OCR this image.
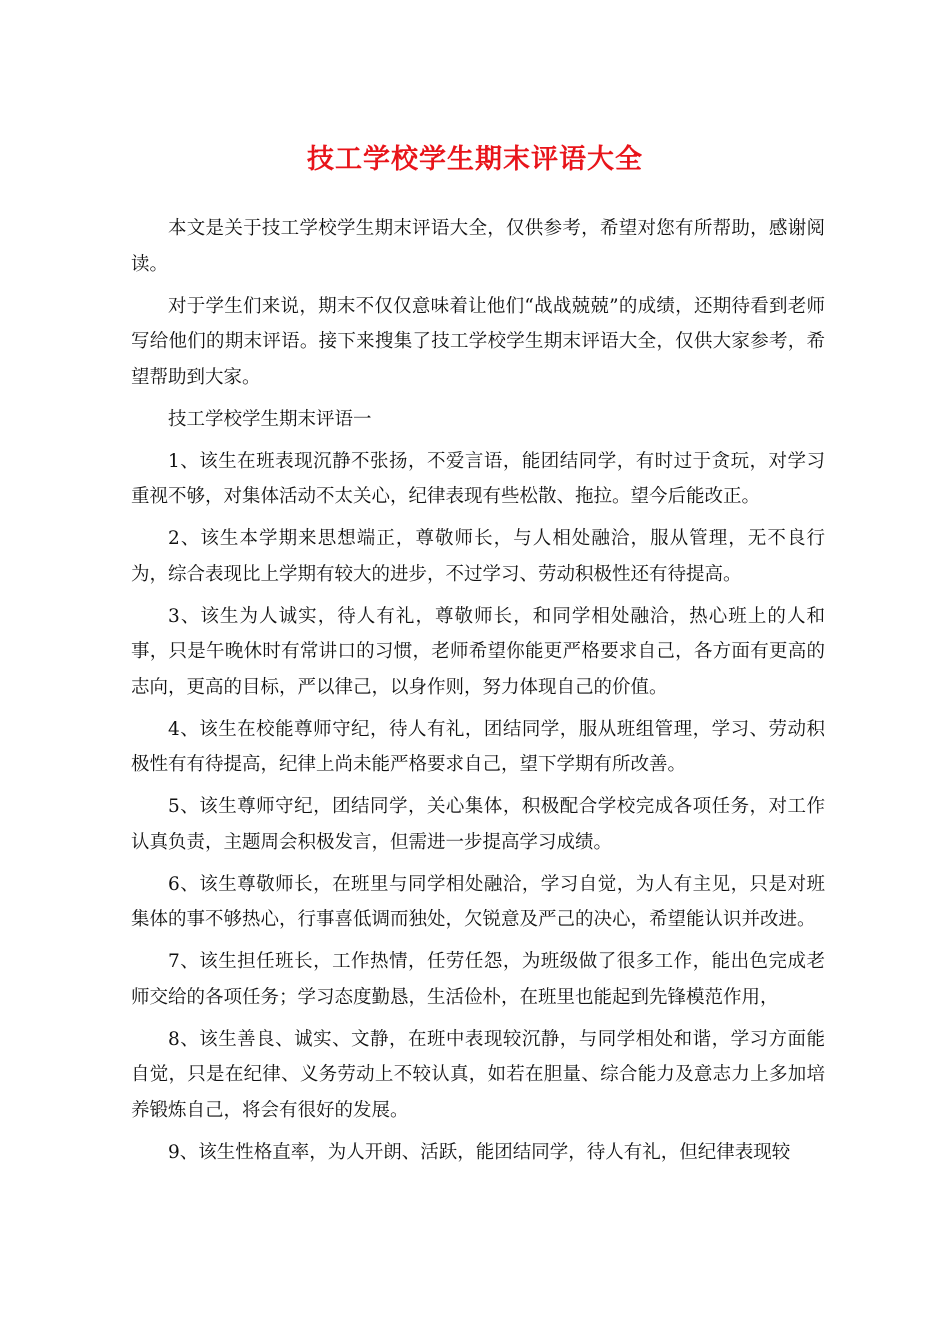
技工学校学生期末评语大全

本文是关于技工学校学生期末评语大全，仅供参考，希望对您有所帮助，感谢阅读。

对于学生们来说，期末不仅仅意味着让他们“战战兢兢”的成绩，还期待看到老师写给他们的期末评语。接下来搜集了技工学校学生期末评语大全，仅供大家参考，希望帮助到大家。

技工学校学生期末评语一

1、该生在班表现沉静不张扬，不爱言语，能团结同学，有时过于贪玩，对学习重视不够，对集体活动不太关心，纪律表现有些松散、拖拉。望今后能改正。

2、该生本学期来思想端正，尊敬师长，与人相处融洽，服从管理，无不良行为，综合表现比上学期有较大的进步，不过学习、劳动积极性还有待提高。

3、该生为人诚实，待人有礼，尊敬师长，和同学相处融洽，热心班上的人和事，只是午晚休时有常讲口的习惯，老师希望你能更严格要求自己，各方面有更高的志向，更高的目标，严以律己，以身作则，努力体现自己的价值。

4、该生在校能尊师守纪，待人有礼，团结同学，服从班组管理，学习、劳动积极性有有待提高，纪律上尚未能严格要求自己，望下学期有所改善。

5、该生尊师守纪，团结同学，关心集体，积极配合学校完成各项任务，对工作认真负责，主题周会积极发言，但需进一步提高学习成绩。

6、该生尊敬师长，在班里与同学相处融洽，学习自觉，为人有主见，只是对班集体的事不够热心，行事喜低调而独处，欠锐意及严己的决心，希望能认识并改进。

7、该生担任班长，工作热情，任劳任怨，为班级做了很多工作，能出色完成老师交给的各项任务；学习态度勤恳，生活俭朴，在班里也能起到先锋模范作用，

8、该生善良、诚实、文静，在班中表现较沉静，与同学相处和谐，学习方面能自觉，只是在纪律、义务劳动上不较认真，如若在胆量、综合能力及意志力上多加培养锻炼自己，将会有很好的发展。

9、该生性格直率，为人开朗、活跃，能团结同学，待人有礼，但纪律表现较
